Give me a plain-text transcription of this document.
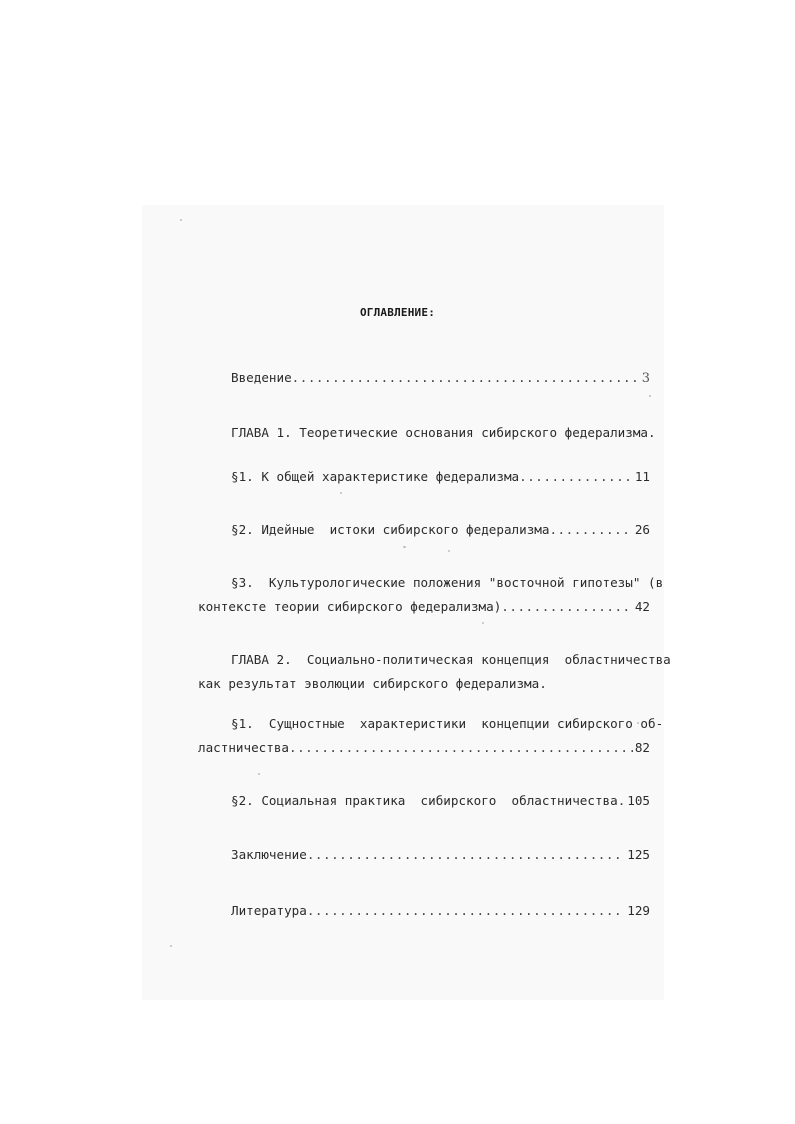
ОГЛАВЛЕНИЕ:
Введение .....	3
ГЛАВА 1. Теоретические основания сибирского федерализма.
§1. К общей характеристике федерализма .....	11
§2. Идейные  истоки сибирского федерализма .....	26
§3.  Культурологические положения "восточной гипотезы" (в
контексте теории сибирского федерализма) .....	42
ГЛАВА 2.  Социально-политическая концепция  областничества
как результат эволюции сибирского федерализма.
§1.  Сущностные  характеристики  концепции сибирского об-
ластничества .....	82
§2. Социальная практика  сибирского  областничества ..... 105
Заключение .....	125
Литература .....	129
